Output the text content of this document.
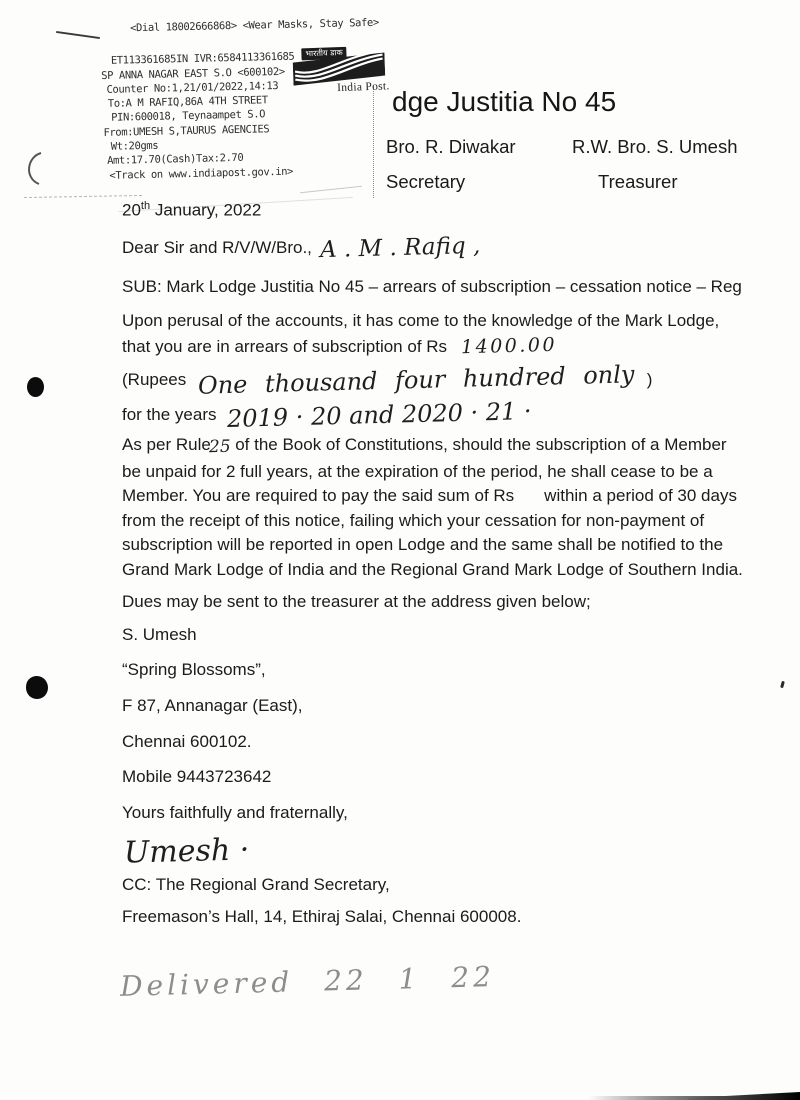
<Dial 18002666868> <Wear Masks, Stay Safe>
ET113361685IN IVR:6584113361685
SP ANNA NAGAR EAST S.O <600102>
Counter No:1,21/01/2022,14:13
To:A M RAFIQ,86A 4TH STREET
PIN:600018, Teynaampet S.O
From:UMESH S,TAURUS AGENCIES
Wt:20gms
Amt:17.70(Cash)Tax:2.70
<Track on www.indiapost.gov.in>
भारतीय डाक
India Post. dge Justitia No 45
Bro. R. Diwakar	R.W. Bro. S. Umesh
Secretary	Treasurer
20th January, 2022
Dear Sir and R/V/W/Bro., A . M . Rafiq ,
SUB: Mark Lodge Justitia No 45 – arrears of subscription – cessation notice – Reg
Upon perusal of the accounts, it has come to the knowledge of the Mark Lodge,
that you are in arrears of subscription of Rs 1400.00
(Rupees One thousand four hundred only )
for the years 2019 · 20 and 2020 · 21 ·
As per Rule25 of the Book of Constitutions, should the subscription of a Member
be unpaid for 2 full years, at the expiration of the period, he shall cease to be a
Member. You are required to pay the said sum of Rs within a period of 30 days
from the receipt of this notice, failing which your cessation for non-payment of
subscription will be reported in open Lodge and the same shall be notified to the
Grand Mark Lodge of India and the Regional Grand Mark Lodge of Southern India.
Dues may be sent to the treasurer at the address given below;
S. Umesh
“Spring Blossoms”,
F 87, Annanagar (East),
Chennai 600102.
Mobile 9443723642
Yours faithfully and fraternally,
Umesh ·
CC: The Regional Grand Secretary,
Freemason’s Hall, 14, Ethiraj Salai, Chennai 600008.
Delivered 22 1 22
